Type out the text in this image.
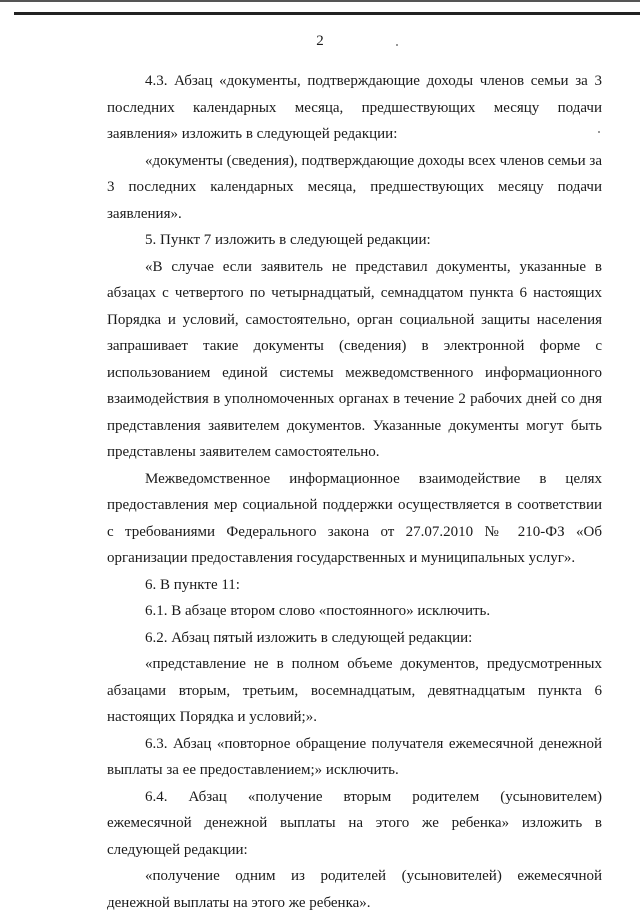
2

4.3. Абзац «документы, подтверждающие доходы членов семьи за 3 последних календарных месяца, предшествующих месяцу подачи заявления» изложить в следующей редакции:

«документы (сведения), подтверждающие доходы всех членов семьи за 3 последних календарных месяца, предшествующих месяцу подачи заявления».

5. Пункт 7 изложить в следующей редакции:

«В случае если заявитель не представил документы, указанные в абзацах с четвертого по четырнадцатый, семнадцатом пункта 6 настоящих Порядка и условий, самостоятельно, орган социальной защиты населения запрашивает такие документы (сведения) в электронной форме с использованием единой системы межведомственного информационного взаимодействия в уполномоченных органах в течение 2 рабочих дней со дня представления заявителем документов. Указанные документы могут быть представлены заявителем самостоятельно.

Межведомственное информационное взаимодействие в целях предоставления мер социальной поддержки осуществляется в соответствии с требованиями Федерального закона от 27.07.2010 № 210-ФЗ «Об организации предоставления государственных и муниципальных услуг».

6. В пункте 11:

6.1. В абзаце втором слово «постоянного» исключить.

6.2. Абзац пятый изложить в следующей редакции:

«представление не в полном объеме документов, предусмотренных абзацами вторым, третьим, восемнадцатым, девятнадцатым пункта 6 настоящих Порядка и условий;».

6.3. Абзац «повторное обращение получателя ежемесячной денежной выплаты за ее предоставлением;» исключить.

6.4. Абзац «получение вторым родителем (усыновителем) ежемесячной денежной выплаты на этого же ребенка» изложить в следующей редакции:

«получение одним из родителей (усыновителей) ежемесячной денежной выплаты на этого же ребенка».
